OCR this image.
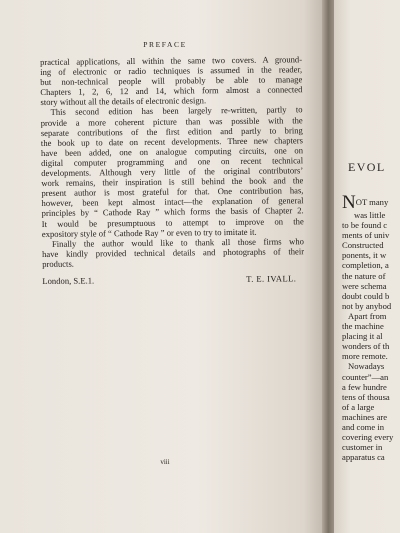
PREFACE
practical applications, all within the same two covers. A ground-
ing of electronic or radio techniques is assumed in the reader,
but non-technical people will probably be able to manage
Chapters 1, 2, 6, 12 and 14, which form almost a connected
story without all the details of electronic design.
This second edition has been largely re-written, partly to
provide a more coherent picture than was possible with the
separate contributions of the first edition and partly to bring
the book up to date on recent developments. Three new chapters
have been added, one on analogue computing circuits, one on
digital computer programming and one on recent technical
developments. Although very little of the original contributors’
work remains, their inspiration is still behind the book and the
present author is most grateful for that. One contribution has,
however, been kept almost intact—the explanation of general
principles by “ Cathode Ray ” which forms the basis of Chapter 2.
It would be presumptuous to attempt to improve on the
expository style of “ Cathode Ray ” or even to try to imitate it.
Finally the author would like to thank all those firms who
have kindly provided technical details and photographs of their
products.
London, S.E.1.	T. E. IVALL.
viii
EVOL
NOT many
was little
to be found c
ments of univ
Constructed
ponents, it w
completion, a
the nature of
were schema
doubt could b
not by anybod
Apart from
the machine
placing it al
wonders of th
more remote.
Nowadays
counter”—an
a few hundre
tens of thousa
of a large
machines are
and come in
covering every
customer in
apparatus ca
